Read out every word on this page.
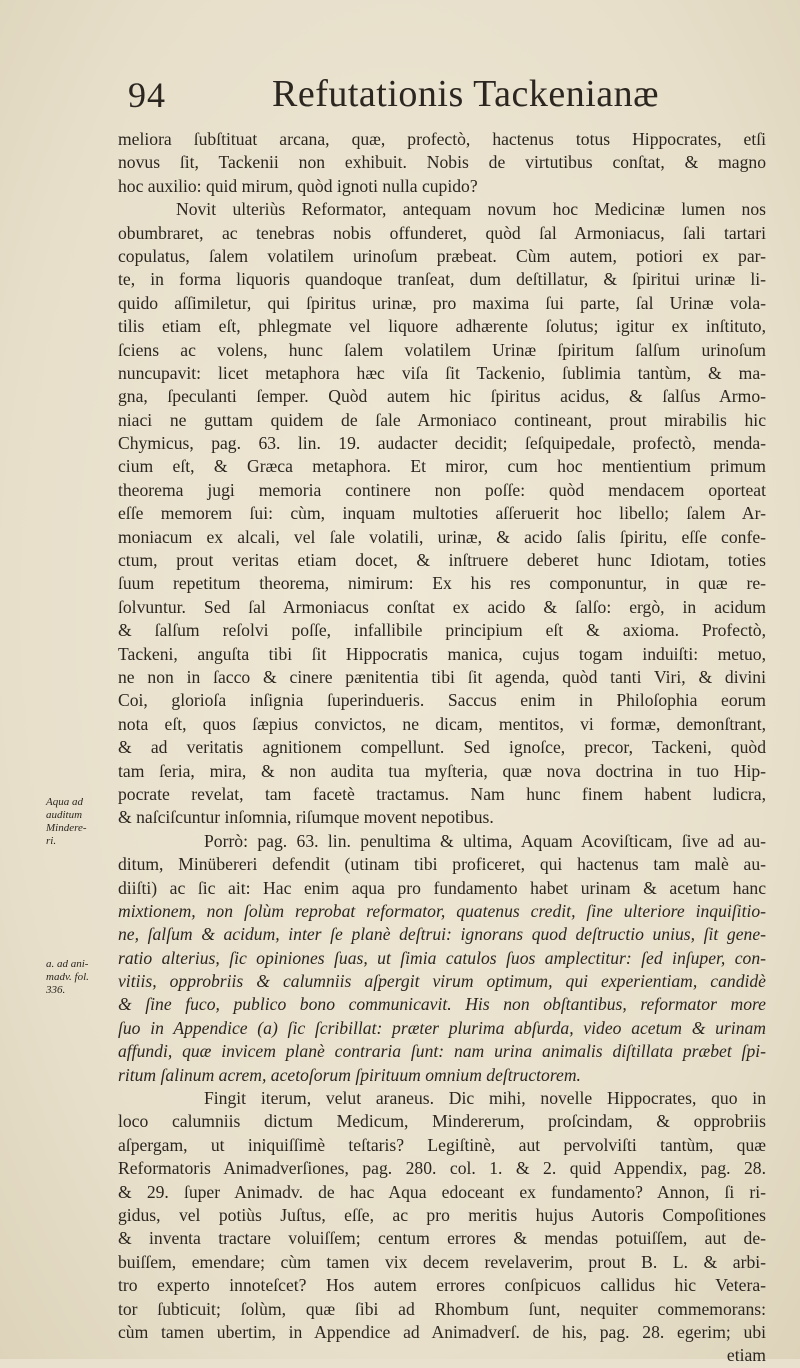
94	Refutationis Tackenianæ
Aqua ad
auditum
Mindere-
ri.
a. ad ani-
madv. fol.
336.
meliora ſubſtituat arcana, quæ, profectò, hactenus totus Hippocrates, etſi
novus ſit, Tackenii non exhibuit. Nobis de virtutibus conſtat, & magno
hoc auxilio: quid mirum, quòd ignoti nulla cupido?
Novit ulteriùs Reformator, antequam novum hoc Medicinæ lumen nos
obumbraret, ac tenebras nobis offunderet, quòd ſal Armoniacus, ſali tartari
copulatus, ſalem volatilem urinoſum præbeat. Cùm autem, potiori ex par-
te, in forma liquoris quandoque tranſeat, dum deſtillatur, & ſpiritui urinæ li-
quido aſſimiletur, qui ſpiritus urinæ, pro maxima ſui parte, ſal Urinæ vola-
tilis etiam eſt, phlegmate vel liquore adhærente ſolutus; igitur ex inſtituto,
ſciens ac volens, hunc ſalem volatilem Urinæ ſpiritum ſalſum urinoſum
nuncupavit: licet metaphora hæc viſa ſit Tackenio, ſublimia tantùm, & ma-
gna, ſpeculanti ſemper. Quòd autem hic ſpiritus acidus, & ſalſus Armo-
niaci ne guttam quidem de ſale Armoniaco contineant, prout mirabilis hic
Chymicus, pag. 63. lin. 19. audacter decidit; ſeſquipedale, profectò, menda-
cium eſt, & Græca metaphora. Et miror, cum hoc mentientium primum
theorema jugi memoria continere non poſſe: quòd mendacem oporteat
eſſe memorem ſui: cùm, inquam multoties aſſeruerit hoc libello; ſalem Ar-
moniacum ex alcali, vel ſale volatili, urinæ, & acido ſalis ſpiritu, eſſe confe-
ctum, prout veritas etiam docet, & inſtruere deberet hunc Idiotam, toties
ſuum repetitum theorema, nimirum: Ex his res componuntur, in quæ re-
ſolvuntur. Sed ſal Armoniacus conſtat ex acido & ſalſo: ergò, in acidum
& ſalſum reſolvi poſſe, infallibile principium eſt & axioma. Profectò,
Tackeni, anguſta tibi ſit Hippocratis manica, cujus togam induiſti: metuo,
ne non in ſacco & cinere pænitentia tibi ſit agenda, quòd tanti Viri, & divini
Coi, glorioſa inſignia ſuperindueris. Saccus enim in Philoſophia eorum
nota eſt, quos ſæpius convictos, ne dicam, mentitos, vi formæ, demonſtrant,
& ad veritatis agnitionem compellunt. Sed ignoſce, precor, Tackeni, quòd
tam ſeria, mira, & non audita tua myſteria, quæ nova doctrina in tuo Hip-
pocrate revelat, tam facetè tractamus. Nam hunc finem habent ludicra,
& naſciſcuntur inſomnia, riſumque movent nepotibus.
Porrò: pag. 63. lin. penultima & ultima, Aquam Acoviſticam, ſive ad au-
ditum, Minübereri defendit (utinam tibi proficeret, qui hactenus tam malè au-
diiſti) ac ſic ait: Hac enim aqua pro fundamento habet urinam & acetum hanc
mixtionem, non ſolùm reprobat reformator, quatenus credit, ſine ulteriore inquiſitio-
ne, ſalſum & acidum, inter ſe planè deſtrui: ignorans quod deſtructio unius, ſit gene-
ratio alterius, ſic opiniones ſuas, ut ſimia catulos ſuos amplectitur: ſed inſuper, con-
vitiis, opprobriis & calumniis aſpergit virum optimum, qui experientiam, candidè
& ſine fuco, publico bono communicavit. His non obſtantibus, reformator more
ſuo in Appendice (a) ſic ſcribillat: præter plurima abſurda, video acetum & urinam
affundi, quæ invicem planè contraria ſunt: nam urina animalis diſtillata præbet ſpi-
ritum ſalinum acrem, acetoſorum ſpirituum omnium deſtructorem.
Fingit iterum, velut araneus. Dic mihi, novelle Hippocrates, quo in
loco calumniis dictum Medicum, Mindererum, proſcindam, & opprobriis
aſpergam, ut iniquiſſimè teſtaris? Legiſtinè, aut pervolviſti tantùm, quæ
Reformatoris Animadverſiones, pag. 280. col. 1. & 2. quid Appendix, pag. 28.
& 29. ſuper Animadv. de hac Aqua edoceant ex fundamento? Annon, ſi ri-
gidus, vel potiùs Juſtus, eſſe, ac pro meritis hujus Autoris Compoſitiones
& inventa tractare voluiſſem; centum errores & mendas potuiſſem, aut de-
buiſſem, emendare; cùm tamen vix decem revelaverim, prout B. L. & arbi-
tro experto innoteſcet? Hos autem errores conſpicuos callidus hic Vetera-
tor ſubticuit; ſolùm, quæ ſibi ad Rhombum ſunt, nequiter commemorans:
cùm tamen ubertim, in Appendice ad Animadverſ. de his, pag. 28. egerim; ubi
etiam
